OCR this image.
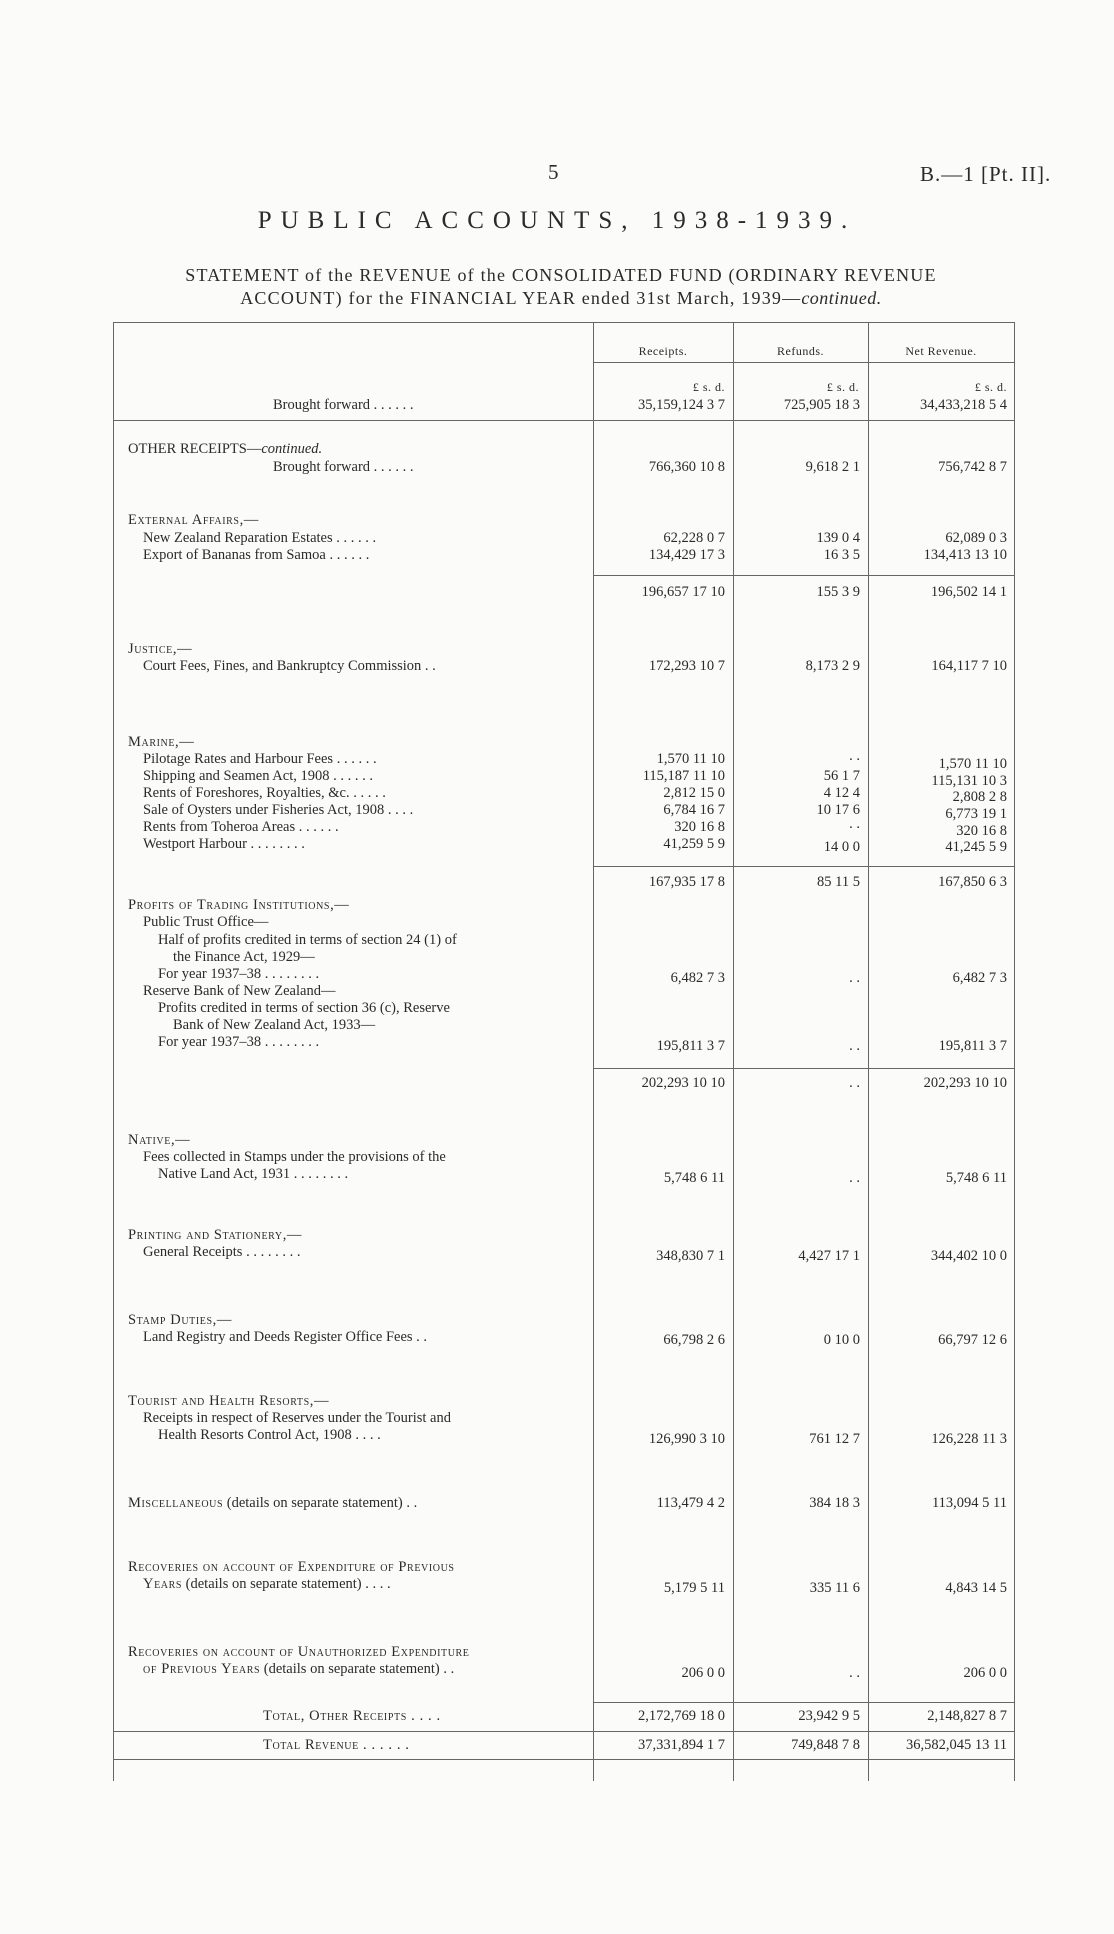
5	B.—1 [Pt. II].
PUBLIC ACCOUNTS, 1938-1939.
STATEMENT of the REVENUE of the CONSOLIDATED FUND (ORDINARY REVENUE
ACCOUNT) for the FINANCIAL YEAR ended 31st March, 1939—continued.
Receipts.	Refunds.	Net Revenue.
£ s. d.	£ s. d.	£ s. d.
Brought forward . . . . . .	35,159,124 3 7	725,905 18 3	34,433,218 5 4
OTHER RECEIPTS—continued.
Brought forward . . . . . .	766,360 10 8	9,618 2 1	756,742 8 7
External Affairs,—
New Zealand Reparation Estates . . . . . .	62,228 0 7	139 0 4	62,089 0 3
Export of Bananas from Samoa . . . . . .	134,429 17 3	16 3 5	134,413 13 10
196,657 17 10	155 3 9	196,502 14 1
Justice,—
Court Fees, Fines, and Bankruptcy Commission . .	172,293 10 7	8,173 2 9	164,117 7 10
Marine,—
Pilotage Rates and Harbour Fees . . . . . .	1,570 11 10	. .	1,570 11 10
Shipping and Seamen Act, 1908 . . . . . .	115,187 11 10	56 1 7	115,131 10 3
Rents of Foreshores, Royalties, &c. . . . . .	2,812 15 0	4 12 4	2,808 2 8
Sale of Oysters under Fisheries Act, 1908 . . . .	6,784 16 7	10 17 6	6,773 19 1
Rents from Toheroa Areas . . . . . .	320 16 8	. .	320 16 8
Westport Harbour . . . . . . . .	41,259 5 9	14 0 0	41,245 5 9
167,935 17 8	85 11 5	167,850 6 3
Profits of Trading Institutions,—
Public Trust Office—
Half of profits credited in terms of section 24 (1) of
the Finance Act, 1929—
For year 1937–38 . . . . . . . .	6,482 7 3	. .	6,482 7 3
Reserve Bank of New Zealand—
Profits credited in terms of section 36 (c), Reserve
Bank of New Zealand Act, 1933—
For year 1937–38 . . . . . . . .	195,811 3 7	. .	195,811 3 7
202,293 10 10	. .	202,293 10 10
Native,—
Fees collected in Stamps under the provisions of the
Native Land Act, 1931 . . . . . . . .	5,748 6 11	. .	5,748 6 11
Printing and Stationery,—
General Receipts . . . . . . . .	348,830 7 1	4,427 17 1	344,402 10 0
Stamp Duties,—
Land Registry and Deeds Register Office Fees . .	66,798 2 6	0 10 0	66,797 12 6
Tourist and Health Resorts,—
Receipts in respect of Reserves under the Tourist and
Health Resorts Control Act, 1908 . . . .	126,990 3 10	761 12 7	126,228 11 3
Miscellaneous (details on separate statement) . .	113,479 4 2	384 18 3	113,094 5 11
Recoveries on account of Expenditure of Previous
Years (details on separate statement) . . . .	5,179 5 11	335 11 6	4,843 14 5
Recoveries on account of Unauthorized Expenditure
of Previous Years (details on separate statement) . .	206 0 0	. .	206 0 0
Total, Other Receipts . . . .	2,172,769 18 0	23,942 9 5	2,148,827 8 7
Total Revenue . . . . . .	37,331,894 1 7	749,848 7 8	36,582,045 13 11
